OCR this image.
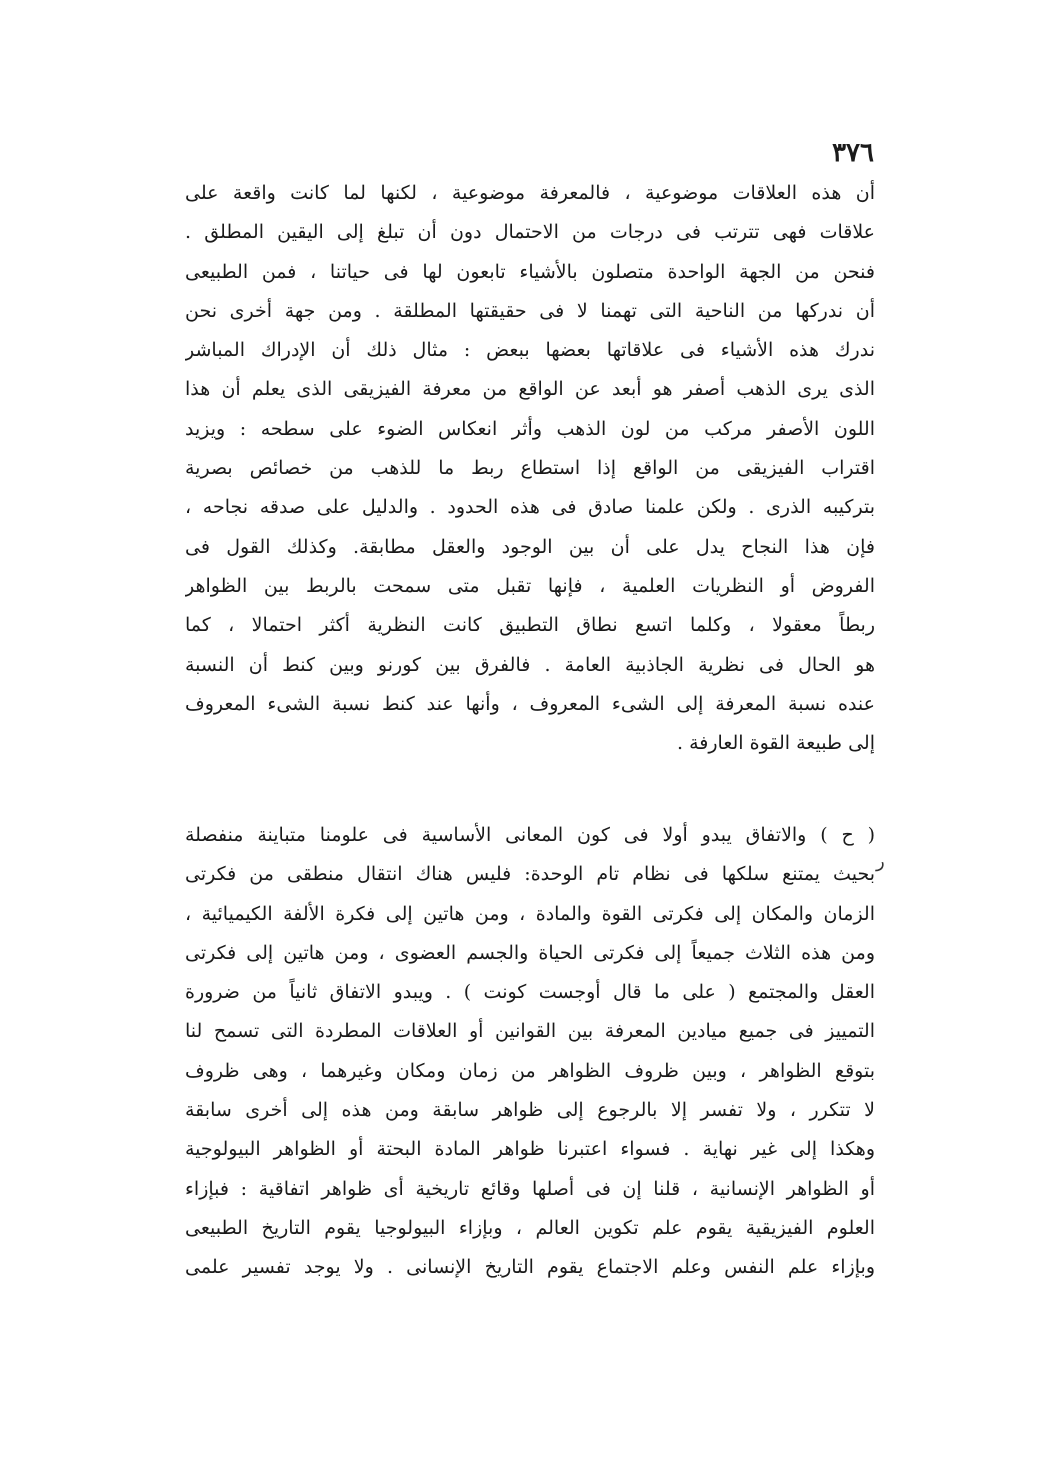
٣٧٦
ر
أن هذه العلاقات موضوعية ، فالمعرفة موضوعية ، لكنها لما كانت واقعة على
علاقات فهى تترتب فى درجات من الاحتمال دون أن تبلغ إلى اليقين المطلق .
فنحن من الجهة الواحدة متصلون بالأشياء تابعون لها فى حياتنا ، فمن الطبيعى
أن ندركها من الناحية التى تهمنا لا فى حقيقتها المطلقة . ومن جهة أخرى نحن
ندرك هذه الأشياء فى علاقاتها بعضها ببعض : مثال ذلك أن الإدراك المباشر
الذى يرى الذهب أصفر هو أبعد عن الواقع من معرفة الفيزيقى الذى يعلم أن هذا
اللون الأصفر مركب من لون الذهب وأثر انعكاس الضوء على سطحه : ويزيد
اقتراب الفيزيقى من الواقع إذا استطاع ربط ما للذهب من خصائص بصرية
بتركيبه الذرى . ولكن علمنا صادق فى هذه الحدود . والدليل على صدقه نجاحه ،
فإن هذا النجاح يدل على أن بين الوجود والعقل مطابقة. وكذلك القول فى
الفروض أو النظريات العلمية ، فإنها تقبل متى سمحت بالربط بين الظواهر
ربطاً معقولا ، وكلما اتسع نطاق التطبيق كانت النظرية أكثر احتمالا ، كما
هو الحال فى نظرية الجاذبية العامة . فالفرق بين كورنو وبين كنط أن النسبة
عنده نسبة المعرفة إلى الشىء المعروف ، وأنها عند كنط نسبة الشىء المعروف
إلى طبيعة القوة العارفة .
( ح ) والاتفاق يبدو أولا فى كون المعانى الأساسية فى علومنا متباينة منفصلة
بحيث يمتنع سلكها فى نظام تام الوحدة: فليس هناك انتقال منطقى من فكرتى
الزمان والمكان إلى فكرتى القوة والمادة ، ومن هاتين إلى فكرة الألفة الكيميائية ،
ومن هذه الثلاث جميعاً إلى فكرتى الحياة والجسم العضوى ، ومن هاتين إلى فكرتى
العقل والمجتمع ( على ما قال أوجست كونت ) . ويبدو الاتفاق ثانياً من ضرورة
التمييز فى جميع ميادين المعرفة بين القوانين أو العلاقات المطردة التى تسمح لنا
بتوقع الظواهر ، وبين ظروف الظواهر من زمان ومكان وغيرهما ، وهى ظروف
لا تتكرر ، ولا تفسر إلا بالرجوع إلى ظواهر سابقة ومن هذه إلى أخرى سابقة
وهكذا إلى غير نهاية . فسواء اعتبرنا ظواهر المادة البحتة أو الظواهر البيولوجية
أو الظواهر الإنسانية ، قلنا إن فى أصلها وقائع تاريخية أى ظواهر اتفاقية : فبإزاء
العلوم الفيزيقية يقوم علم تكوين العالم ، وبإزاء البيولوجيا يقوم التاريخ الطبيعى
وبإزاء علم النفس وعلم الاجتماع يقوم التاريخ الإنسانى . ولا يوجد تفسير علمى
